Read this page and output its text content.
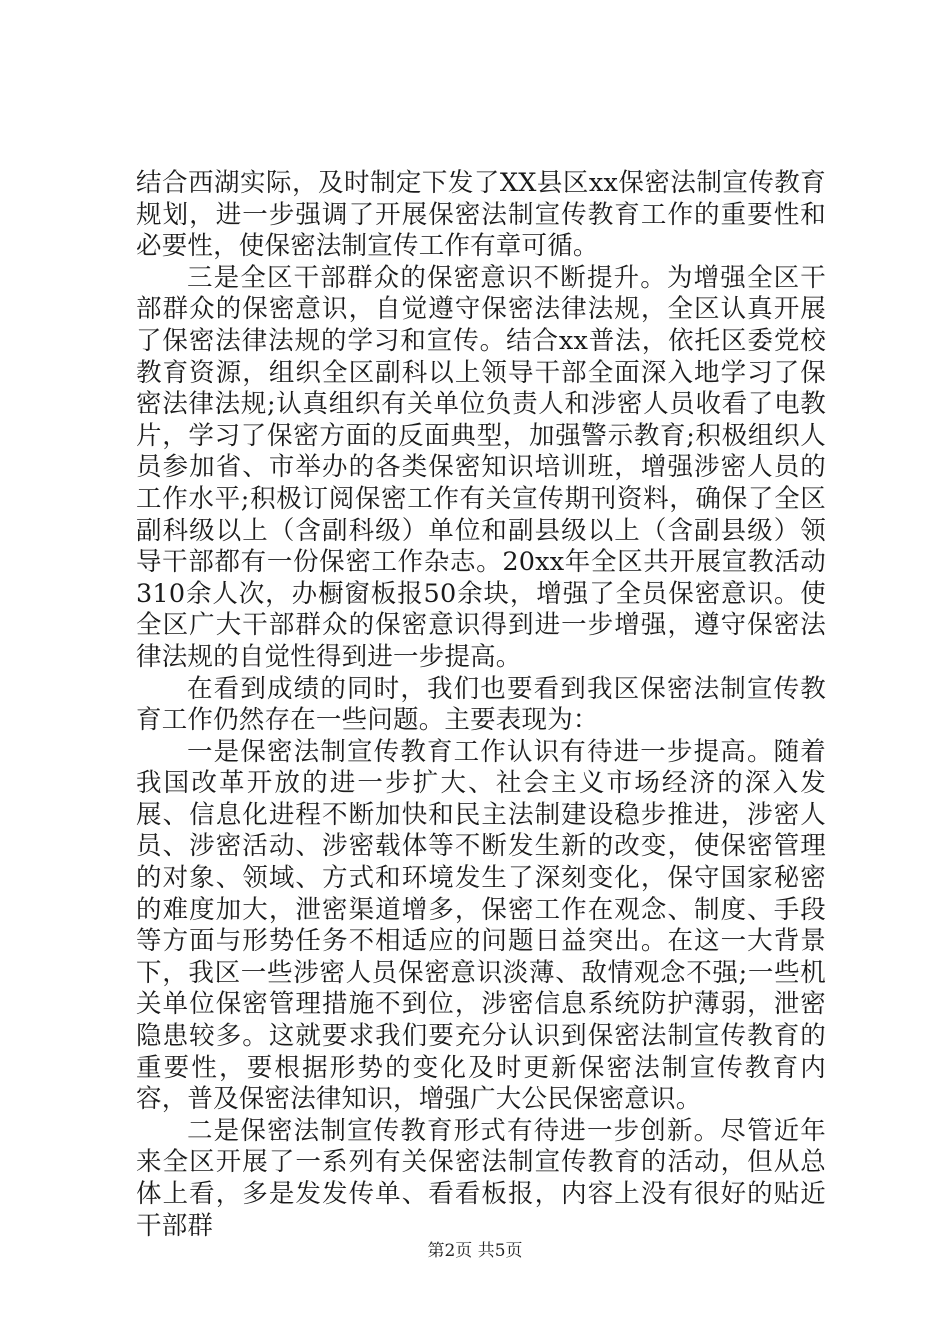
结合西湖实际，及时制定下发了XX县区xx保密法制宣传教育规划，进一步强调了开展保密法制宣传教育工作的重要性和必要性，使保密法制宣传工作有章可循。

三是全区干部群众的保密意识不断提升。为增强全区干部群众的保密意识，自觉遵守保密法律法规，全区认真开展了保密法律法规的学习和宣传。结合xx普法，依托区委党校教育资源，组织全区副科以上领导干部全面深入地学习了保密法律法规;认真组织有关单位负责人和涉密人员收看了电教片，学习了保密方面的反面典型，加强警示教育;积极组织人员参加省、市举办的各类保密知识培训班，增强涉密人员的工作水平;积极订阅保密工作有关宣传期刊资料，确保了全区副科级以上（含副科级）单位和副县级以上（含副县级）领导干部都有一份保密工作杂志。20xx年全区共开展宣教活动310余人次，办橱窗板报50余块，增强了全员保密意识。使全区广大干部群众的保密意识得到进一步增强，遵守保密法律法规的自觉性得到进一步提高。

在看到成绩的同时，我们也要看到我区保密法制宣传教育工作仍然存在一些问题。主要表现为：

一是保密法制宣传教育工作认识有待进一步提高。随着我国改革开放的进一步扩大、社会主义市场经济的深入发展、信息化进程不断加快和民主法制建设稳步推进，涉密人员、涉密活动、涉密载体等不断发生新的改变，使保密管理的对象、领域、方式和环境发生了深刻变化，保守国家秘密的难度加大，泄密渠道增多，保密工作在观念、制度、手段等方面与形势任务不相适应的问题日益突出。在这一大背景下，我区一些涉密人员保密意识淡薄、敌情观念不强;一些机关单位保密管理措施不到位，涉密信息系统防护薄弱，泄密隐患较多。这就要求我们要充分认识到保密法制宣传教育的重要性，要根据形势的变化及时更新保密法制宣传教育内容，普及保密法律知识，增强广大公民保密意识。

二是保密法制宣传教育形式有待进一步创新。尽管近年来全区开展了一系列有关保密法制宣传教育的活动，但从总体上看，多是发发传单、看看板报，内容上没有很好的贴近干部群

第2页 共5页
